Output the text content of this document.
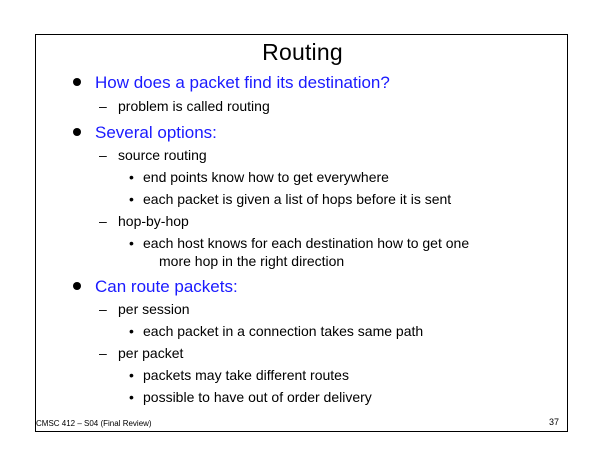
Routing
How does a packet find its destination?
– problem is called routing
Several options:
– source routing
• end points know how to get everywhere
• each packet is given a list of hops before it is sent
– hop-by-hop
• each host knows for each destination how to get one
more hop in the right direction
Can route packets:
– per session
• each packet in a connection takes same path
– per packet
• packets may take different routes
• possible to have out of order delivery
CMSC 412 – S04 (Final Review)	37
